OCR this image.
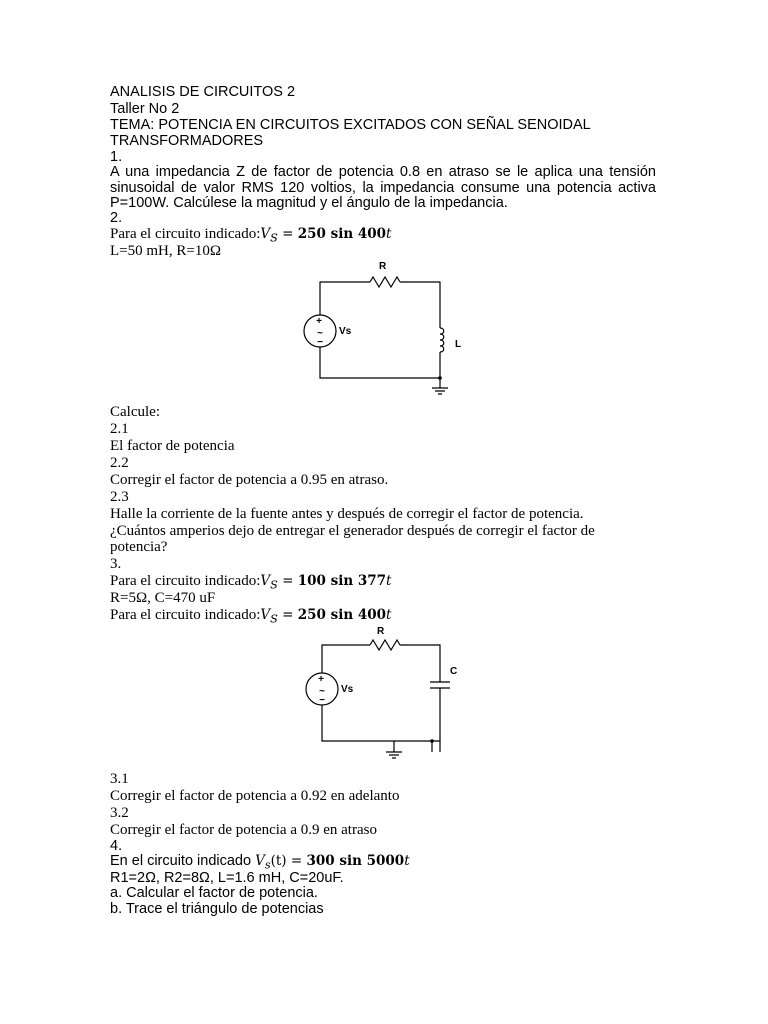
ANALISIS DE CIRCUITOS 2
Taller No 2
TEMA: POTENCIA EN CIRCUITOS EXCITADOS CON SEÑAL SENOIDAL
TRANSFORMADORES
1.
A una impedancia Z de factor de potencia 0.8 en atraso se le aplica una tensión
sinusoidal de valor RMS 120 voltios, la impedancia consume una potencia activa
P=100W. Calcúlese la magnitud y el ángulo de la impedancia.
2.
Para el circuito $indicado:V_S = 250$ sin 400t
L=50 mH, R=10Ω
+
~
−
R
Vs
L
Calcule:
2.1
El factor de potencia
2.2
Corregir el factor de potencia a 0.95 en atraso.
2.3
Halle la corriente de la fuente antes y después de corregir el factor de potencia.
¿Cuántos amperios dejo de entregar el generador después de corregir el factor de
potencia?
3.
Para el circuito $indicado:V_S = 100$ sin 377t
R=5Ω, C=470 uF
Para el circuito $indicado:V_S = 250$ sin 400t
+
~
−
R
Vs
C
3.1
Corregir el factor de potencia a 0.92 en adelanto
3.2
Corregir el factor de potencia a 0.9 en atraso
4.
En el circuito indicado $V_s(t) = 300$ sin 5000t
R1=2Ω, R2=8Ω, L=1.6 mH, C=20uF.
a. Calcular el factor de potencia.
b. Trace el triángulo de potencias
